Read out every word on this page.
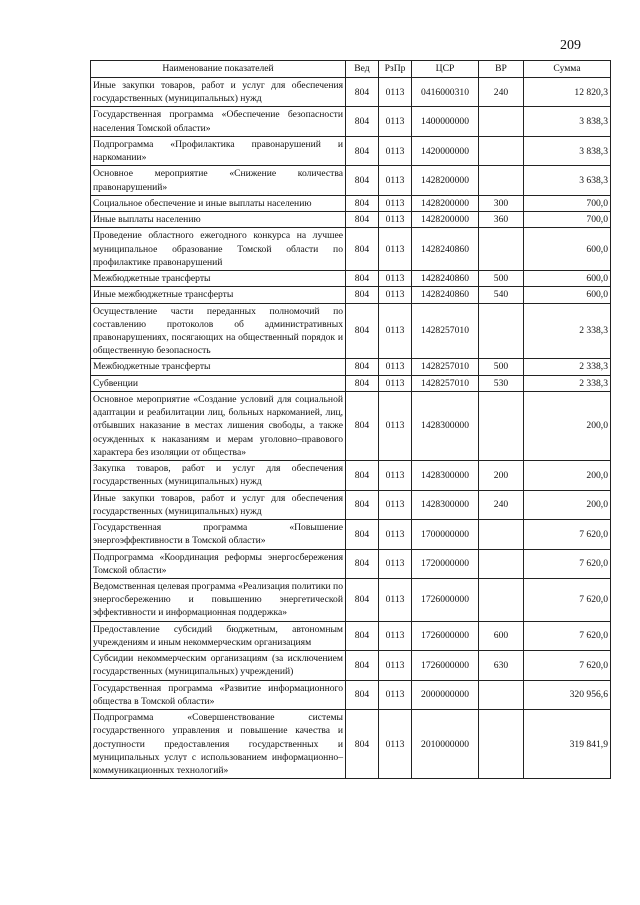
209
Наименование показателей	Вед	РзПр	ЦСР	ВР	Сумма
Иные закупки товаров, работ и услуг для обеспечения государственных (муниципальных) нужд	804	0113	0416000310	240	12 820,3
Государственная программа «Обеспечение безопасности населения Томской области»	804	0113	1400000000		3 838,3
Подпрограмма «Профилактика правонарушений и наркомании»	804	0113	1420000000		3 838,3
Основное мероприятие «Снижение количества правонарушений»	804	0113	1428200000		3 638,3
Социальное обеспечение и иные выплаты населению	804	0113	1428200000	300	700,0
Иные выплаты населению	804	0113	1428200000	360	700,0
Проведение областного ежегодного конкурса на лучшее муниципальное образование Томской области по профилактике правонарушений	804	0113	1428240860		600,0
Межбюджетные трансферты	804	0113	1428240860	500	600,0
Иные межбюджетные трансферты	804	0113	1428240860	540	600,0
Осуществление части переданных полномочий по составлению протоколов об административных правонарушениях, посягающих на общественный порядок и общественную безопасность	804	0113	1428257010		2 338,3
Межбюджетные трансферты	804	0113	1428257010	500	2 338,3
Субвенции	804	0113	1428257010	530	2 338,3
Основное мероприятие «Создание условий для социальной адаптации и реабилитации лиц, больных наркоманией, лиц, отбывших наказание в местах лишения свободы, а также осужденных к наказаниям и мерам уголовно–правового характера без изоляции от общества»	804	0113	1428300000		200,0
Закупка товаров, работ и услуг для обеспечения государственных (муниципальных) нужд	804	0113	1428300000	200	200,0
Иные закупки товаров, работ и услуг для обеспечения государственных (муниципальных) нужд	804	0113	1428300000	240	200,0
Государственная программа «Повышение энергоэффективности в Томской области»	804	0113	1700000000		7 620,0
Подпрограмма «Координация реформы энергосбережения Томской области»	804	0113	1720000000		7 620,0
Ведомственная целевая программа «Реализация политики по энергосбережению и повышению энергетической эффективности и информационная поддержка»	804	0113	1726000000		7 620,0
Предоставление субсидий бюджетным, автономным учреждениям и иным некоммерческим организациям	804	0113	1726000000	600	7 620,0
Субсидии некоммерческим организациям (за исключением государственных (муниципальных) учреждений)	804	0113	1726000000	630	7 620,0
Государственная программа «Развитие информационного общества в Томской области»	804	0113	2000000000		320 956,6
Подпрограмма «Совершенствование системы государственного управления и повышение качества и доступности предоставления государственных и муниципальных услут с использованием информационно–коммуникационных технологий»	804	0113	2010000000		319 841,9
